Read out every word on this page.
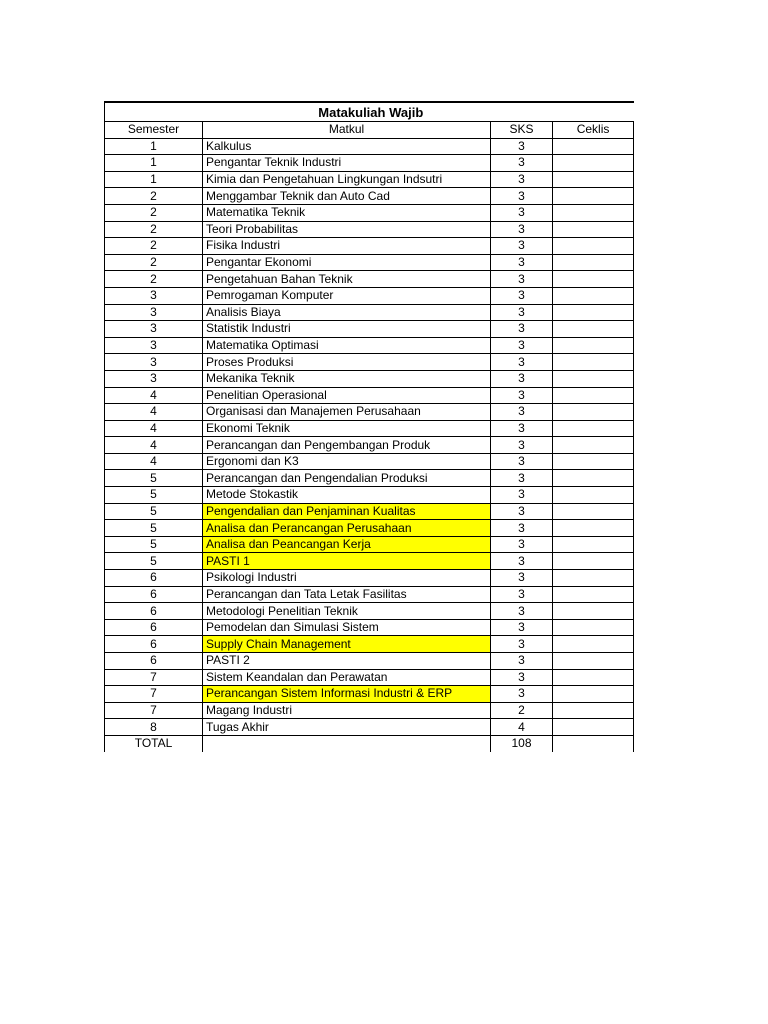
Matakuliah Wajib			
Semester	Matkul	SKS	Ceklis
1	Kalkulus	3	
1	Pengantar Teknik Industri	3	
1	Kimia dan Pengetahuan Lingkungan Indsutri	3	
2	Menggambar Teknik dan Auto Cad	3	
2	Matematika Teknik	3	
2	Teori Probabilitas	3	
2	Fisika Industri	3	
2	Pengantar Ekonomi	3	
2	Pengetahuan Bahan Teknik	3	
3	Pemrogaman Komputer	3	
3	Analisis Biaya	3	
3	Statistik Industri	3	
3	Matematika Optimasi	3	
3	Proses Produksi	3	
3	Mekanika Teknik	3	
4	Penelitian Operasional	3	
4	Organisasi dan Manajemen Perusahaan	3	
4	Ekonomi Teknik	3	
4	Perancangan dan Pengembangan Produk	3	
4	Ergonomi dan K3	3	
5	Perancangan dan Pengendalian Produksi	3	
5	Metode Stokastik	3	
5	Pengendalian dan Penjaminan Kualitas	3	
5	Analisa dan Perancangan Perusahaan	3	
5	Analisa dan Peancangan Kerja	3	
5	PASTI 1	3	
6	Psikologi Industri	3	
6	Perancangan dan Tata Letak Fasilitas	3	
6	Metodologi Penelitian Teknik	3	
6	Pemodelan dan Simulasi Sistem	3	
6	Supply Chain Management	3	
6	PASTI 2	3	
7	Sistem Keandalan dan Perawatan	3	
7	Perancangan Sistem Informasi Industri & ERP	3	
7	Magang Industri	2	
8	Tugas Akhir	4	
TOTAL		108	
